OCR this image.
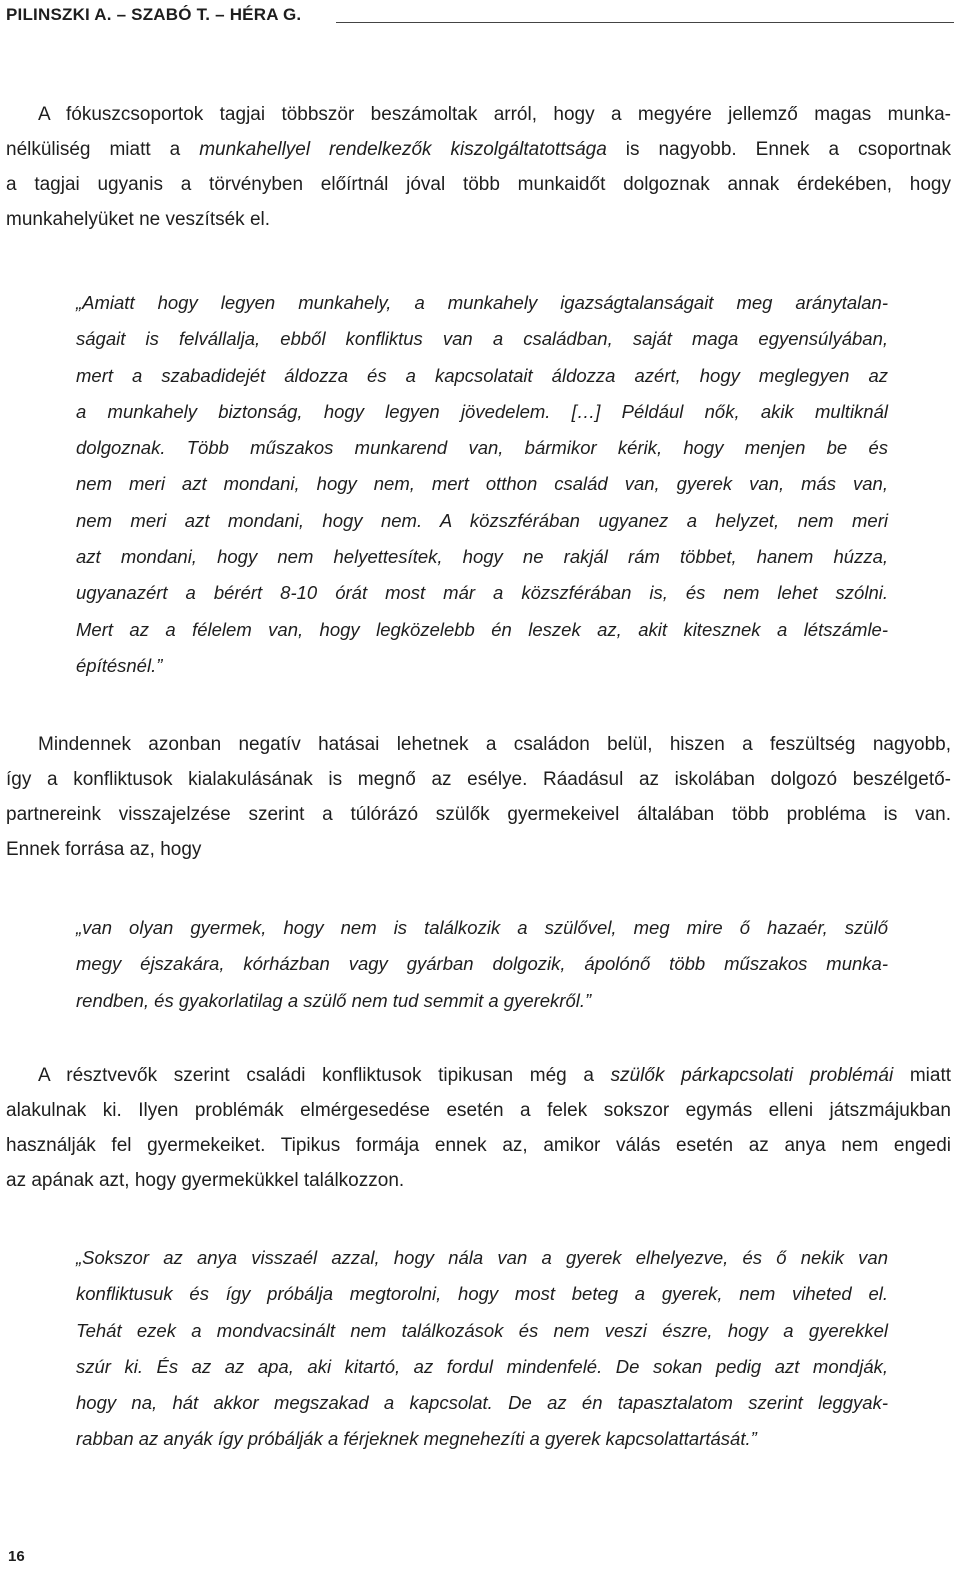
PILINSZKI A. – SZABÓ T. – HÉRA G.
A fókuszcsoportok tagjai többször beszámoltak arról, hogy a megyére jellemző magas munka-
nélküliség miatt a munkahellyel rendelkezők kiszolgáltatottsága is nagyobb. Ennek a csoportnak
a tagjai ugyanis a törvényben előírtnál jóval több munkaidőt dolgoznak annak érdekében, hogy
munkahelyüket ne veszítsék el.
„Amiatt hogy legyen munkahely, a munkahely igazságtalanságait meg aránytalan-
ságait is felvállalja, ebből konfliktus van a családban, saját maga egyensúlyában,
mert a szabadidejét áldozza és a kapcsolatait áldozza azért, hogy meglegyen az
a munkahely biztonság, hogy legyen jövedelem. […] Például nők, akik multiknál
dolgoznak. Több műszakos munkarend van, bármikor kérik, hogy menjen be és
nem meri azt mondani, hogy nem, mert otthon család van, gyerek van, más van,
nem meri azt mondani, hogy nem. A közszférában ugyanez a helyzet, nem meri
azt mondani, hogy nem helyettesítek, hogy ne rakjál rám többet, hanem húzza,
ugyanazért a bérért 8-10 órát most már a közszférában is, és nem lehet szólni.
Mert az a félelem van, hogy legközelebb én leszek az, akit kitesznek a létszámle-
építésnél.”
Mindennek azonban negatív hatásai lehetnek a családon belül, hiszen a feszültség nagyobb,
így a konfliktusok kialakulásának is megnő az esélye. Ráadásul az iskolában dolgozó beszélgető-
partnereink visszajelzése szerint a túlórázó szülők gyermekeivel általában több probléma is van.
Ennek forrása az, hogy
„van olyan gyermek, hogy nem is találkozik a szülővel, meg mire ő hazaér, szülő
megy éjszakára, kórházban vagy gyárban dolgozik, ápolónő több műszakos munka-
rendben, és gyakorlatilag a szülő nem tud semmit a gyerekről.”
A résztvevők szerint családi konfliktusok tipikusan még a szülők párkapcsolati problémái miatt
alakulnak ki. Ilyen problémák elmérgesedése esetén a felek sokszor egymás elleni játszmájukban
használják fel gyermekeiket. Tipikus formája ennek az, amikor válás esetén az anya nem engedi
az apának azt, hogy gyermekükkel találkozzon.
„Sokszor az anya visszaél azzal, hogy nála van a gyerek elhelyezve, és ő nekik van
konfliktusuk és így próbálja megtorolni, hogy most beteg a gyerek, nem viheted el.
Tehát ezek a mondvacsinált nem találkozások és nem veszi észre, hogy a gyerekkel
szúr ki. És az az apa, aki kitartó, az fordul mindenfelé. De sokan pedig azt mondják,
hogy na, hát akkor megszakad a kapcsolat. De az én tapasztalatom szerint leggyak-
rabban az anyák így próbálják a férjeknek megnehezíti a gyerek kapcsolattartását.”
16
